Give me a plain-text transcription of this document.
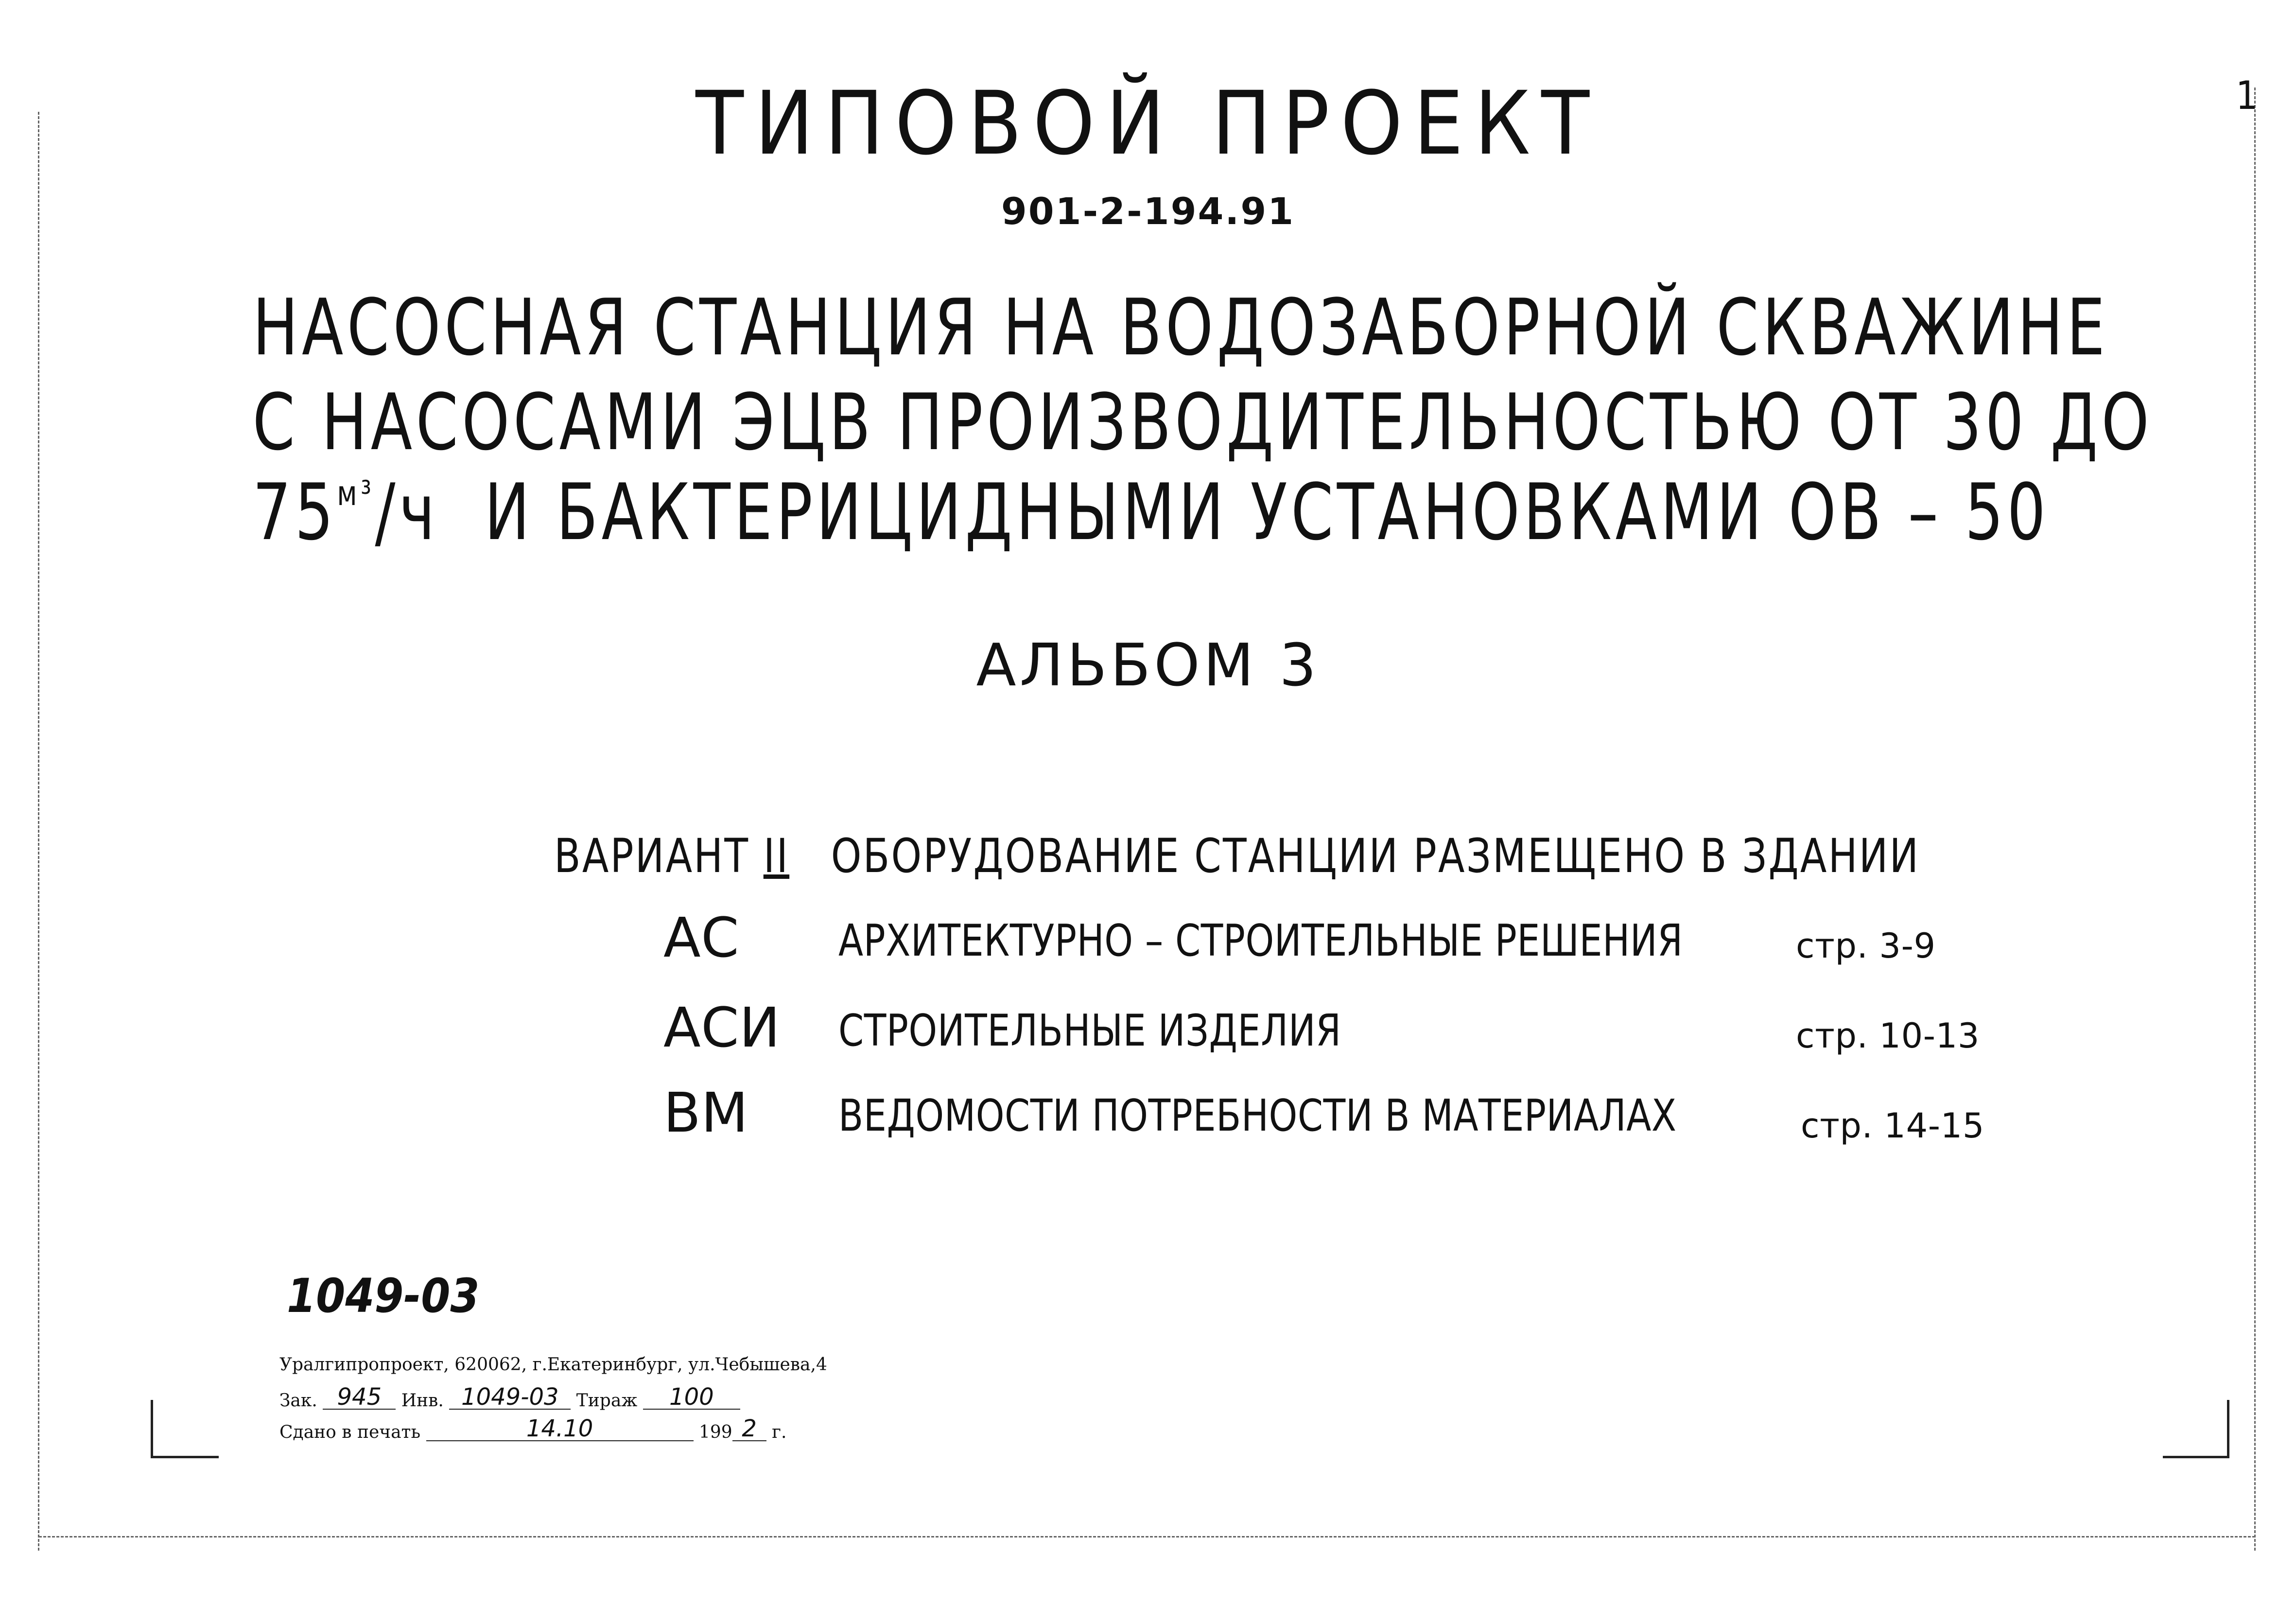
1
ТИПОВОЙ ПРОЕКТ
901-2-194.91
НАСОСНАЯ СТАНЦИЯ НА ВОДОЗАБОРНОЙ СКВАЖИНЕ
С НАСОСАМИ ЭЦВ ПРОИЗВОДИТЕЛЬНОСТЬЮ ОТ 30 ДО
$75^{м^3}/ч$ И БАКТЕРИЦИДНЫМИ УСТАНОВКАМИ ОВ – 50
АЛЬБОМ 3
ВАРИАНТ II ОБОРУДОВАНИЕ СТАНЦИИ РАЗМЕЩЕНО В ЗДАНИИ
АС АРХИТЕКТУРНО – СТРОИТЕЛЬНЫЕ РЕШЕНИЯ	стр. 3-9
АСИ СТРОИТЕЛЬНЫЕ ИЗДЕЛИЯ	стр. 10-13
ВМ ВЕДОМОСТИ ПОТРЕБНОСТИ В МАТЕРИАЛАХ	стр. 14-15
1049-03
Уралгипропроект, 620062, г.Екатеринбург, ул.Чебышева,4
Зак. 945 Инв. 1049-03 Тираж 100
Сдано в печать	14.10	199 2 г.
